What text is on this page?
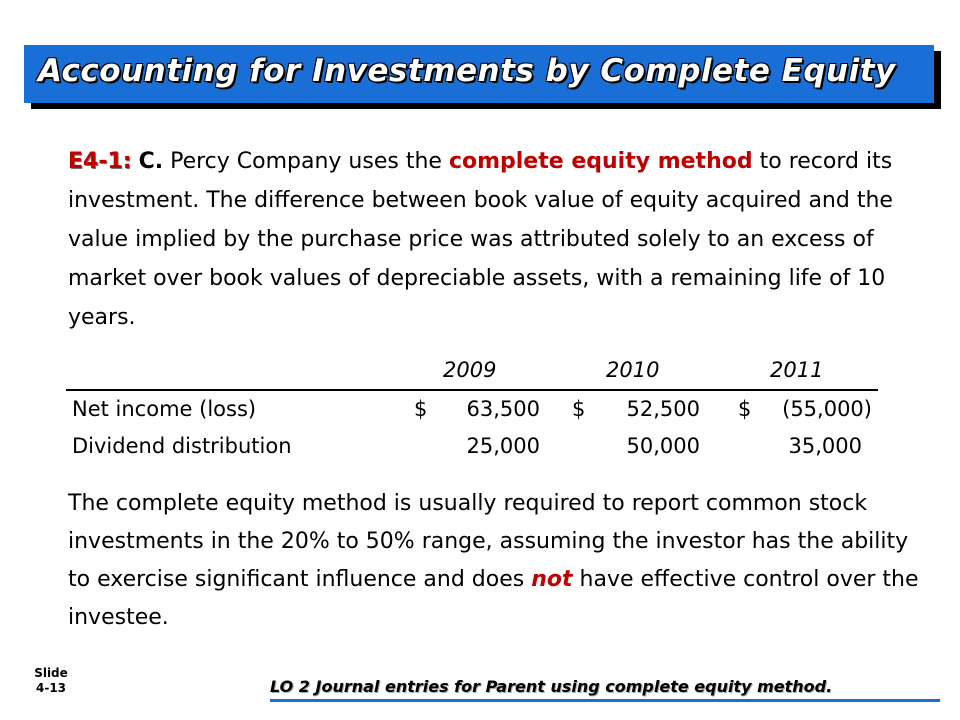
Accounting for Investments by Complete Equity
E4-1: C. Percy Company uses the complete equity method to record its investment. The difference between book value of equity acquired and the value implied by the purchase price was attributed solely to an excess of market over book values of depreciable assets, with a remaining life of 10 years.
2009	2010	2011
Net income (loss)	$	63,500 $	52,500 $	(55,000)
Dividend distribution	25,000	50,000	35,000
The complete equity method is usually required to report common stock investments in the 20% to 50% range, assuming the investor has the ability to exercise significant influence and does not have effective control over the investee.
Slide
4-13	LO 2 Journal entries for Parent using complete equity method.
